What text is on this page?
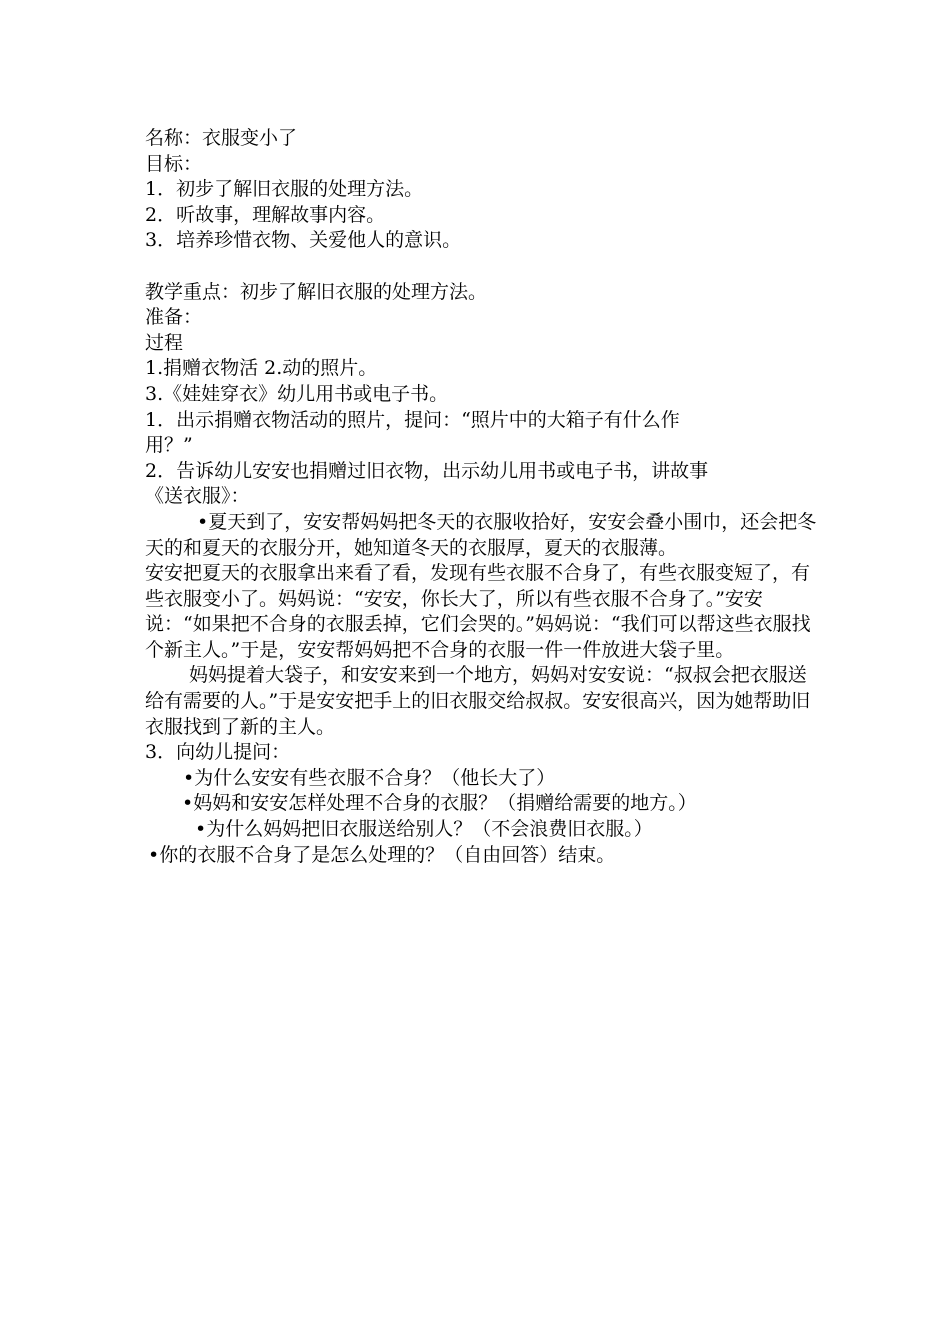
名称：衣服变小了
目标：
1．初步了解旧衣服的处理方法。
2．听故事，理解故事内容。
3．培养珍惜衣物、关爱他人的意识。
教学重点：初步了解旧衣服的处理方法。
准备：
过程
1.捐赠衣物活 2.动的照片。
3.《娃娃穿衣》幼儿用书或电子书。
1．出示捐赠衣物活动的照片，提问：“照片中的大箱子有什么作
用？”
2．告诉幼儿安安也捐赠过旧衣物，出示幼儿用书或电子书，讲故事
《送衣服》：
•夏天到了，安安帮妈妈把冬天的衣服收拾好，安安会叠小围巾，还会把冬天的和夏天的衣服分开，她知道冬天的衣服厚，夏天的衣服薄。
安安把夏天的衣服拿出来看了看，发现有些衣服不合身了，有些衣服变短了，有些衣服变小了。妈妈说：“安安，你长大了，所以有些衣服不合身了。”安安说：“如果把不合身的衣服丢掉，它们会哭的。”妈妈说：“我们可以帮这些衣服找个新主人。”于是，安安帮妈妈把不合身的衣服一件一件放进大袋子里。
妈妈提着大袋子，和安安来到一个地方，妈妈对安安说：“叔叔会把衣服送给有需要的人。”于是安安把手上的旧衣服交给叔叔。安安很高兴，因为她帮助旧衣服找到了新的主人。
3．向幼儿提问：
•为什么安安有些衣服不合身？（他长大了）
•妈妈和安安怎样处理不合身的衣服？（捐赠给需要的地方。）
•为什么妈妈把旧衣服送给别人？（不会浪费旧衣服。）
•你的衣服不合身了是怎么处理的？（自由回答）结束。
